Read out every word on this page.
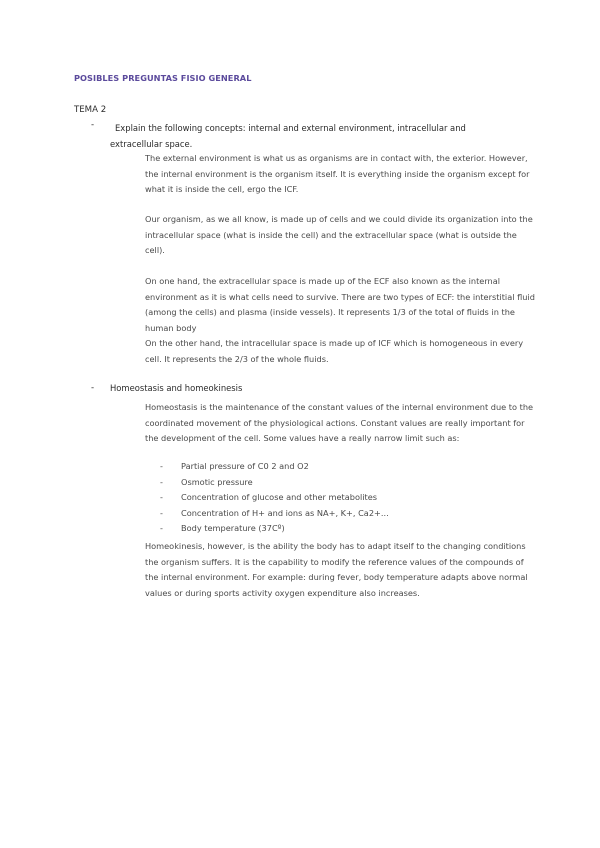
POSIBLES PREGUNTAS FISIO GENERAL
TEMA 2
-	Explain the following concepts: internal and external environment, intracellular and
extracellular space.
The external environment is what us as organisms are in contact with, the exterior. However, the internal environment is the organism itself. It is everything inside the organism except for what it is inside the cell, ergo the ICF.
Our organism, as we all know, is made up of cells and we could divide its organization into the intracellular space (what is inside the cell) and the extracellular space (what is outside the cell).
On one hand, the extracellular space is made up of the ECF also known as the internal environment as it is what cells need to survive. There are two types of ECF: the interstitial fluid (among the cells) and plasma (inside vessels). It represents 1/3 of the total of fluids in the human body
On the other hand, the intracellular space is made up of ICF which is homogeneous in every cell. It represents the 2/3 of the whole fluids.
- Homeostasis and homeokinesis
Homeostasis is the maintenance of the constant values of the internal environment due to the coordinated movement of the physiological actions. Constant values are really important for the development of the cell. Some values have a really narrow limit such as:
- Partial pressure of C0 2 and O2
- Osmotic pressure
- Concentration of glucose and other metabolites
- Concentration of H+ and ions as NA+, K+, Ca2+...
- Body temperature (37Cº)
Homeokinesis, however, is the ability the body has to adapt itself to the changing conditions the organism suffers. It is the capability to modify the reference values of the compounds of the internal environment. For example: during fever, body temperature adapts above normal values or during sports activity oxygen expenditure also increases.
